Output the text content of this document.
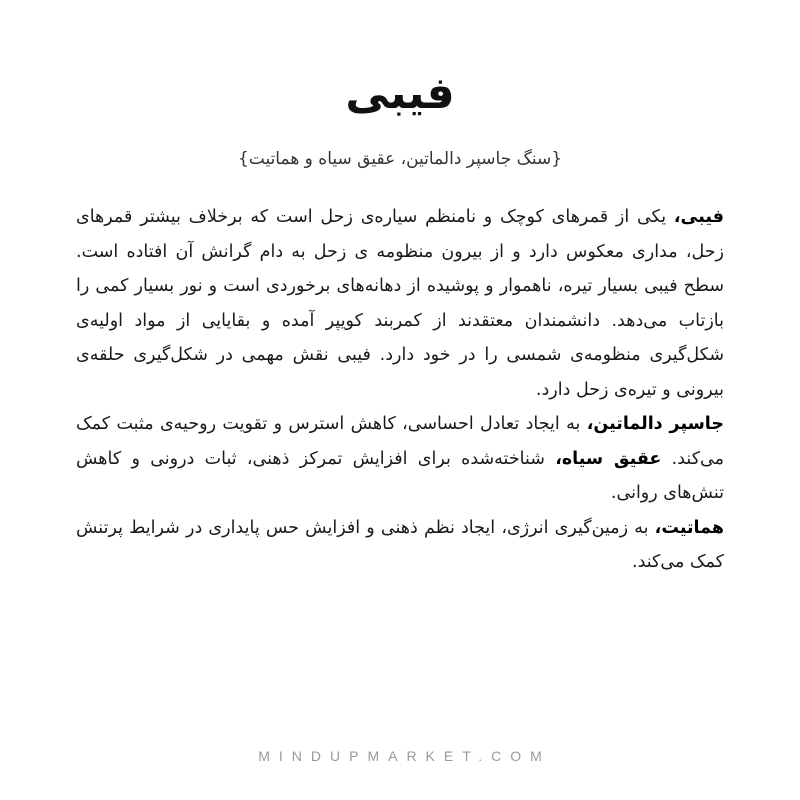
فیبی
{سنگ جاسپر دالماتین، عقیق سیاه و هماتیت}

فیبی، یکی از قمرهای کوچک و نامنظم سیاره‌ی زحل است که برخلاف بیشتر قمرهای زحل، مداری معکوس دارد و از بیرون منظومه ی زحل به دام گرانش آن افتاده است. سطح فیبی بسیار تیره، ناهموار و پوشیده از دهانه‌های برخوردی است و نور بسیار کمی را بازتاب می‌دهد. دانشمندان معتقدند از کمربند کویپر آمده و بقایایی از مواد اولیه‌ی شکل‌گیری منظومه‌ی شمسی را در خود دارد. فیبی نقش مهمی در شکل‌گیری حلقه‌ی بیرونی و تیره‌ی زحل دارد.

جاسپر دالماتین، به ایجاد تعادل احساسی، کاهش استرس و تقویت روحیه‌ی مثبت کمک می‌کند. عقیق سیاه، شناخته‌شده برای افزایش تمرکز ذهنی، ثبات درونی و کاهش تنش‌های روانی.
هماتیت، به زمین‌گیری انرژی، ایجاد نظم ذهنی و افزایش حس پایداری در شرایط پرتنش کمک می‌کند.

MINDUPMARKET.COM
